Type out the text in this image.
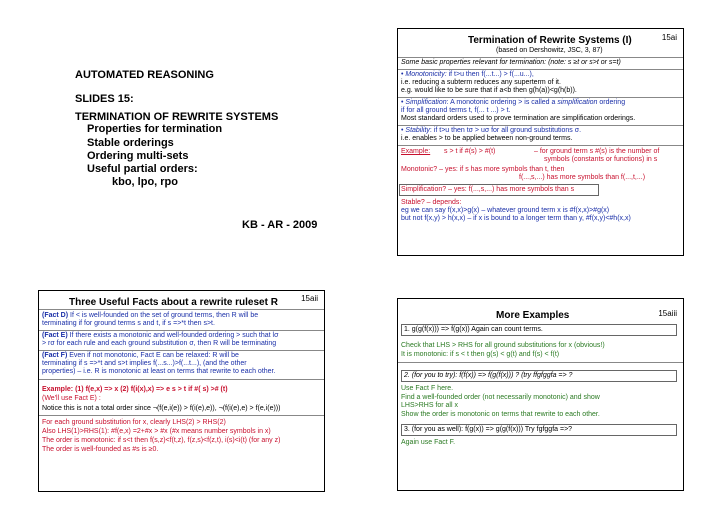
AUTOMATED REASONING
SLIDES 15:
TERMINATION OF REWRITE SYSTEMS
Properties for termination
Stable orderings
Ordering multi-sets
Useful partial orders:
kbo, lpo, rpo
KB - AR - 2009
15ai
Termination of Rewrite Systems (I)
(based on Dershowitz, JSC, 3, 87)
Some basic properties relevant for termination: (note: s ≥t or s>t or s=t)
• Monotonicity: if t>u then f(...t...) > f(...u...),
i.e. reducing a subterm reduces any superterm of it.
e.g. would like to be sure that if a<b then g(h(a))<g(h(b)).
• Simplification: A monotonic ordering > is called a simplification ordering
if for all ground terms t, f(... t ...) > t.
Most standard orders used to prove termination are simplification orderings.
• Stability: if t>u then tσ > uσ for all ground substitutions σ.
i.e. enables > to be applied between non-ground terms.
Example: s > t if #(s) > #(t)	– for ground term s #(s) is the number of
symbols (constants or functions) in s
Monotonic? – yes: if s has more symbols than t, then
f(...,s,...) has more symbols than f(...,t,...)
Simplification? – yes: f(...,s,...) has more symbols than s
Stable? – depends:
eg we can say f(x,x)>g(x) – whatever ground term x is #f(x,x)>#g(x)
but not f(x,y) > h(x,x) – if x is bound to a longer term than y, #f(x,y)<#h(x,x)
15aii
Three Useful Facts about a rewrite ruleset R
(Fact D) If < is well-founded on the set of ground terms, then R will be
terminating if for ground terms s and t, if s =>*t then s>t.
(Fact E) If there exists a monotonic and well-founded ordering > such that lσ
> rσ for each rule and each ground substitution σ, then R will be terminating
(Fact F) Even if not monotonic, Fact E can be relaxed: R will be
terminating if s =>*t and s>t implies f(...s...)>f(...t...), (and the other
properties) – i.e. R is monotonic at least on terms that rewrite to each other.
Example: (1) f(e,x) => x (2) f(i(x),x) => e s > t if #( s) ># (t)
(We'll use Fact E) :
Notice this is not a total order since ¬(f(e,i(e)) > f(i(e),e)), ¬(f(i(e),e) > f(e,i(e)))
For each ground substitution for x, clearly LHS(2) > RHS(2)
Also LHS(1)>RHS(1): #f(e,x) =2+#x > #x (#x means number symbols in x)
The order is monotonic: if s<t then f(s,z)<f(t,z), f(z,s)<f(z,t), i(s)<i(t) (for any z)
The order is well-founded as #s is ≥0.
15aiii
More Examples
1. g(g(f(x))) => f(g(x)) Again can count terms.
Check that LHS > RHS for all ground substitutions for x (obvious!)
It is monotonic: if s < t then g(s) < g(t) and f(s) < f(t)
2. (for you to try): f(f(x)) => f(g(f(x))) ? (try ffgfggfa => ?
Use Fact F here.
Find a well-founded order (not necessarily monotonic) and show
LHS>RHS for all x
Show the order is monotonic on terms that rewrite to each other.
3. (for you as well): f(g(x)) => g(g(f(x))) Try fgfggfa =>?
Again use Fact F.
